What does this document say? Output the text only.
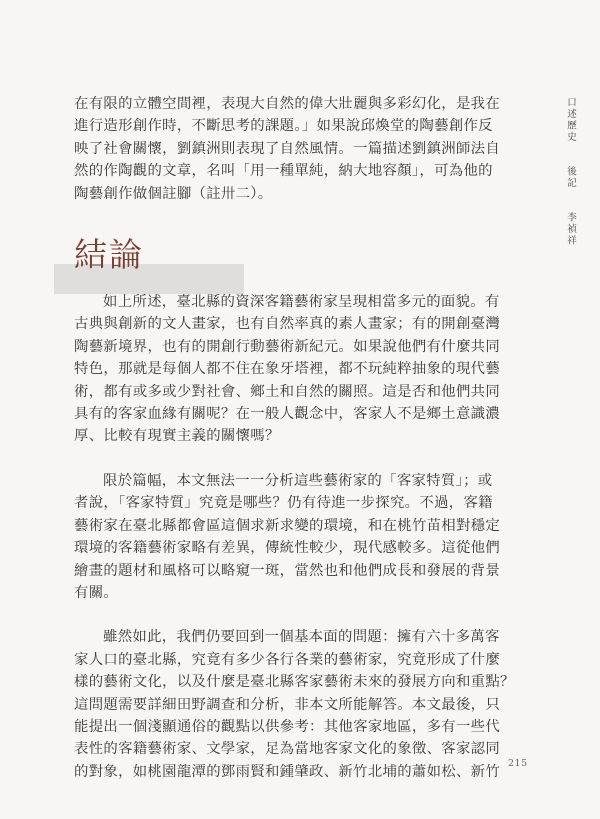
在有限的立體空間裡，表現大自然的偉大壯麗與多彩幻化，是我在
進行造形創作時，不斷思考的課題。」如果說邱煥堂的陶藝創作反
映了社會關懷，劉鎮洲則表現了自然風情。一篇描述劉鎮洲師法自
然的作陶觀的文章，名叫「用一種單純，納大地容顏」，可為他的
陶藝創作做個註腳（註卅二）。

結論

如上所述，臺北縣的資深客籍藝術家呈現相當多元的面貌。有
古典與創新的文人畫家，也有自然率真的素人畫家；有的開創臺灣
陶藝新境界，也有的開創行動藝術新紀元。如果說他們有什麼共同
特色，那就是每個人都不住在象牙塔裡，都不玩純粹抽象的現代藝
術，都有或多或少對社會、鄉土和自然的關照。這是否和他們共同
具有的客家血緣有關呢？在一般人觀念中，客家人不是鄉土意識濃
厚、比較有現實主義的關懷嗎？

限於篇幅，本文無法一一分析這些藝術家的「客家特質」；或
者說，「客家特質」究竟是哪些？仍有待進一步探究。不過，客籍
藝術家在臺北縣都會區這個求新求變的環境，和在桃竹苗相對穩定
環境的客籍藝術家略有差異，傳統性較少，現代感較多。這從他們
繪畫的題材和風格可以略窺一斑，當然也和他們成長和發展的背景
有關。

雖然如此，我們仍要回到一個基本面的問題：擁有六十多萬客
家人口的臺北縣，究竟有多少各行各業的藝術家，究竟形成了什麼
樣的藝術文化，以及什麼是臺北縣客家藝術未來的發展方向和重點？
這問題需要詳細田野調查和分析，非本文所能解答。本文最後，只
能提出一個淺顯通俗的觀點以供參考：其他客家地區，多有一些代
表性的客籍藝術家、文學家，足為當地客家文化的象徵、客家認同
的對象，如桃園龍潭的鄧雨賢和鍾肇政、新竹北埔的蕭如松、新竹

口述歷史
後記
李禎祥
215
